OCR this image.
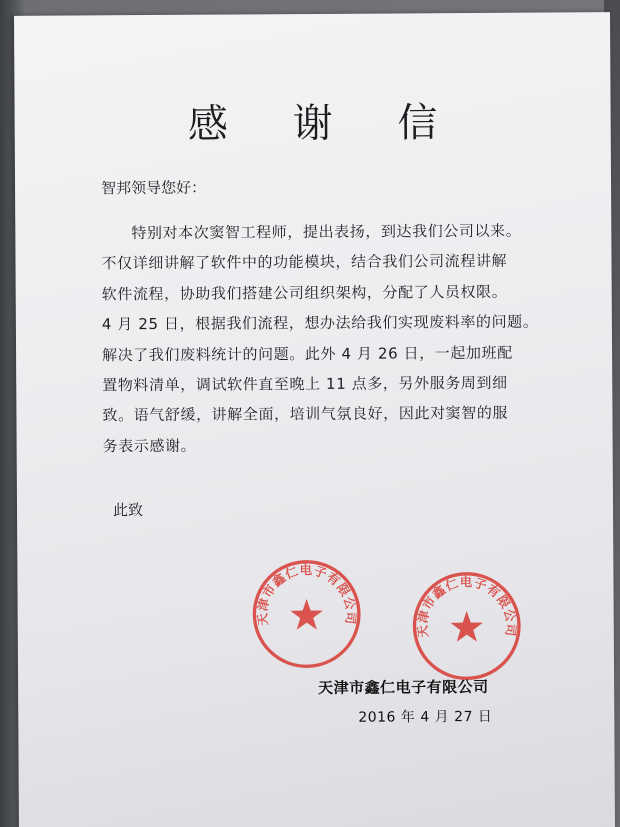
感 谢 信
智邦领导您好：
特别对本次窦智工程师，提出表扬，到达我们公司以来。
不仅详细讲解了软件中的功能模块，结合我们公司流程讲解
软件流程，协助我们搭建公司组织架构，分配了人员权限。
4 月 25 日，根据我们流程，想办法给我们实现废料率的问题。
解决了我们废料统计的问题。此外 4 月 26 日，一起加班配
置物料清单，调试软件直至晚上 11 点多，另外服务周到细
致。语气舒缓，讲解全面，培训气氛良好，因此对窦智的服
务表示感谢。
此致
天津市鑫仁电子有限公司
天津市鑫仁电子有限公司
天津市鑫仁电子有限公司
2016 年 4 月 27 日
